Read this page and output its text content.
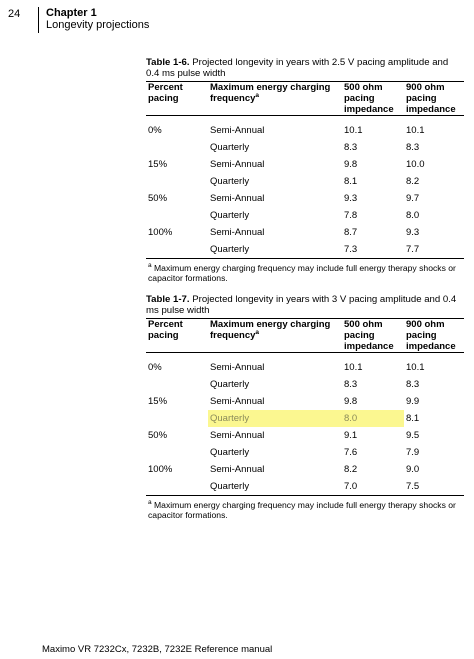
24 Chapter 1
Longevity projections
Table 1-6. Projected longevity in years with 2.5 V pacing amplitude and 0.4 ms pulse width
Percent pacing	Maximum energy charging frequency$^a$	500 ohm pacing impedance	900 ohm pacing impedance
0%	Semi-Annual	10.1	10.1
	Quarterly	8.3	8.3
15%	Semi-Annual	9.8	10.0
	Quarterly	8.1	8.2
50%	Semi-Annual	9.3	9.7
	Quarterly	7.8	8.0
100%	Semi-Annual	8.7	9.3
	Quarterly	7.3	7.7
$^a$ Maximum energy charging frequency may include full energy therapy shocks or capacitor formations.
Table 1-7. Projected longevity in years with 3 V pacing amplitude and 0.4 ms pulse width
Percent pacing	Maximum energy charging frequency$^a$	500 ohm pacing impedance	900 ohm pacing impedance
0%	Semi-Annual	10.1	10.1
	Quarterly	8.3	8.3
15%	Semi-Annual	9.8	9.9
	Quarterly	8.0	8.1
50%	Semi-Annual	9.1	9.5
	Quarterly	7.6	7.9
100%	Semi-Annual	8.2	9.0
	Quarterly	7.0	7.5
$^a$ Maximum energy charging frequency may include full energy therapy shocks or capacitor formations.
Maximo VR 7232Cx, 7232B, 7232E Reference manual
